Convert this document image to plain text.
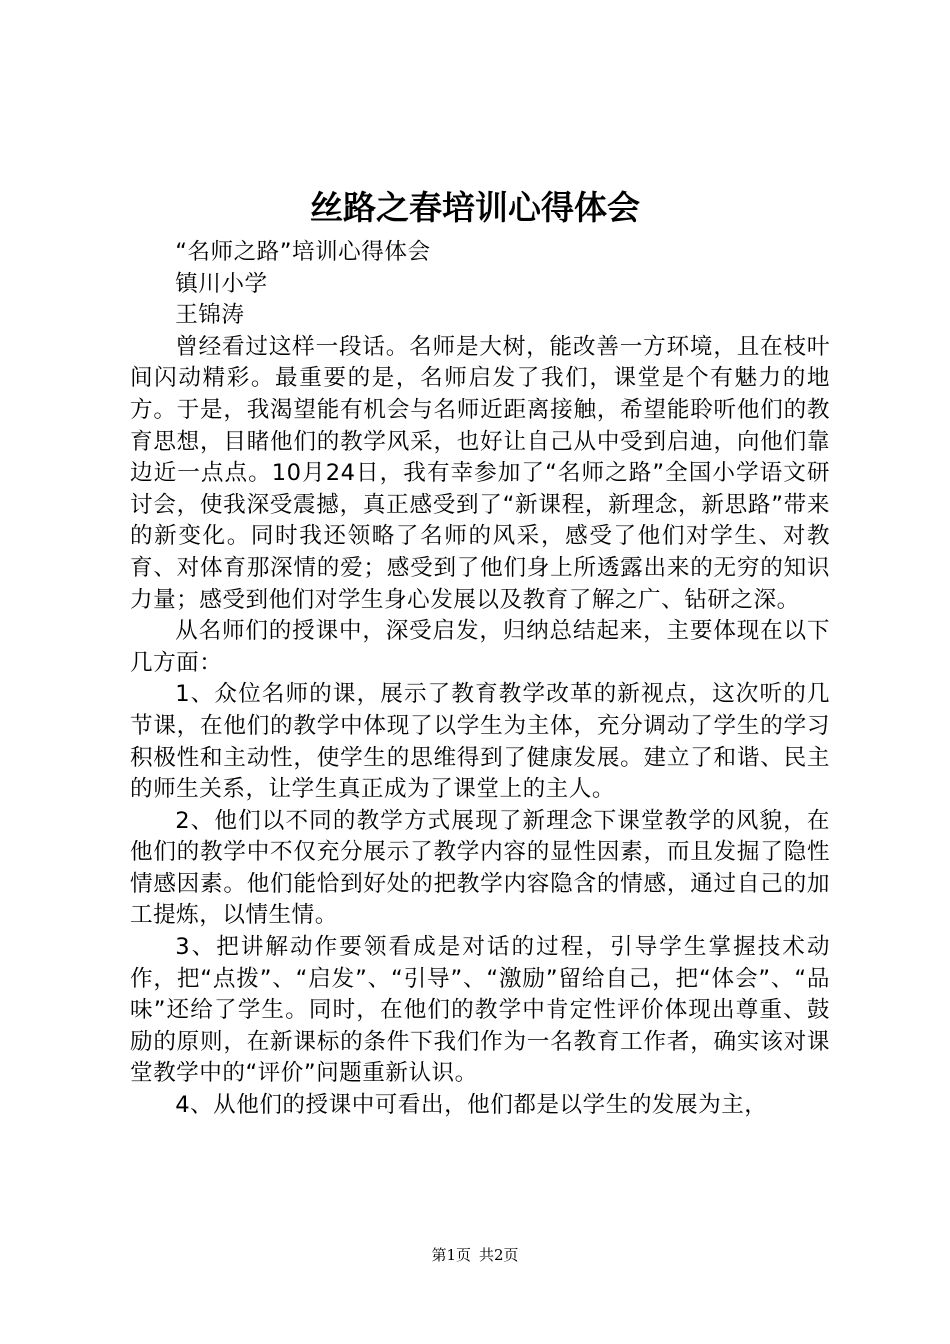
丝路之春培训心得体会

“名师之路”培训心得体会

镇川小学

王锦涛

曾经看过这样一段话。名师是大树，能改善一方环境，且在枝叶间闪动精彩。最重要的是，名师启发了我们，课堂是个有魅力的地方。于是，我渴望能有机会与名师近距离接触，希望能聆听他们的教育思想，目睹他们的教学风采，也好让自己从中受到启迪，向他们靠边近一点点。10月24日，我有幸参加了“名师之路”全国小学语文研讨会，使我深受震撼，真正感受到了“新课程，新理念，新思路”带来的新变化。同时我还领略了名师的风采，感受了他们对学生、对教育、对体育那深情的爱；感受到了他们身上所透露出来的无穷的知识力量；感受到他们对学生身心发展以及教育了解之广、钻研之深。

从名师们的授课中，深受启发，归纳总结起来，主要体现在以下几方面：

1、众位名师的课，展示了教育教学改革的新视点，这次听的几节课，在他们的教学中体现了以学生为主体，充分调动了学生的学习积极性和主动性，使学生的思维得到了健康发展。建立了和谐、民主的师生关系，让学生真正成为了课堂上的主人。

2、他们以不同的教学方式展现了新理念下课堂教学的风貌，在他们的教学中不仅充分展示了教学内容的显性因素，而且发掘了隐性情感因素。他们能恰到好处的把教学内容隐含的情感，通过自己的加工提炼，以情生情。

3、把讲解动作要领看成是对话的过程，引导学生掌握技术动作，把“点拨”、“启发”、“引导”、“激励”留给自己，把“体会”、“品味”还给了学生。同时，在他们的教学中肯定性评价体现出尊重、鼓励的原则，在新课标的条件下我们作为一名教育工作者，确实该对课堂教学中的“评价”问题重新认识。

4、从他们的授课中可看出，他们都是以学生的发展为主，

第1页 共2页
